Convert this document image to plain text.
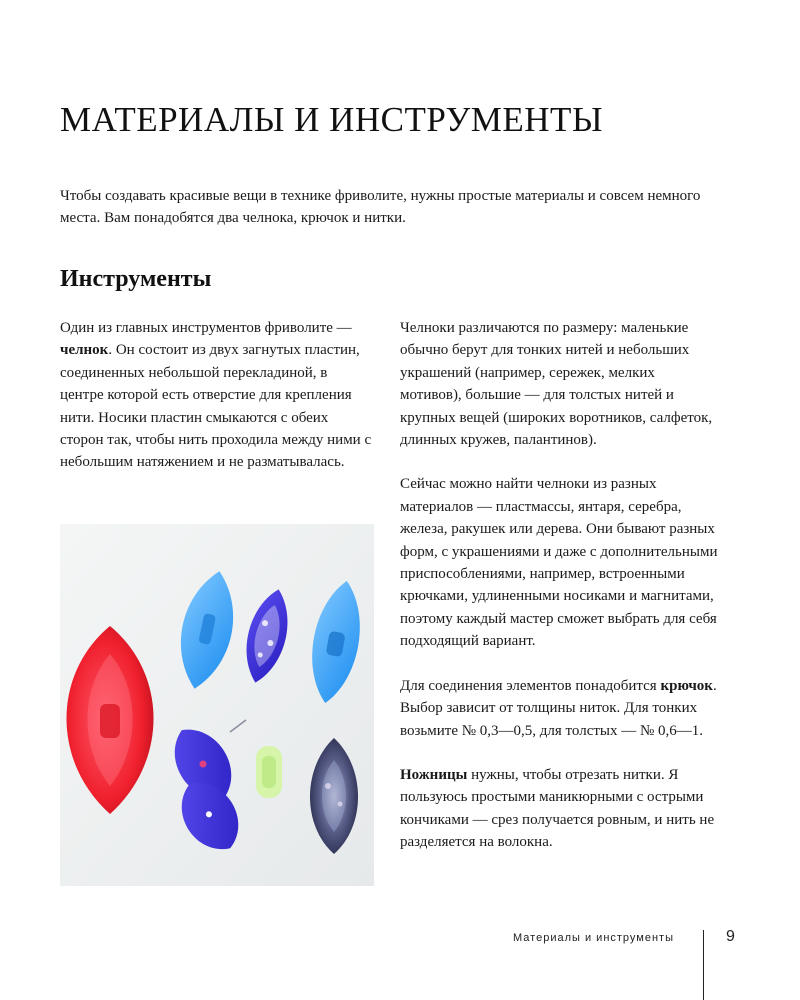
МАТЕРИАЛЫ И ИНСТРУМЕНТЫ

Чтобы создавать красивые вещи в технике фриволите, нужны простые материалы и совсем немного места. Вам понадобятся два челнока, крючок и нитки.

Инструменты

Один из главных инструментов фриволите — челнок. Он состоит из двух загнутых пластин, соединенных небольшой перекладиной, в центре которой есть отверстие для крепления нити. Носики пластин смыкаются с обеих сторон так, чтобы нить проходила между ними с небольшим натяжением и не разматывалась.

Челноки различаются по размеру: маленькие обычно берут для тонких нитей и небольших украшений (например, сережек, мелких мотивов), большие — для толстых нитей и крупных вещей (широких воротников, салфеток, длинных кружев, палантинов).

Сейчас можно найти челноки из разных материалов — пластмассы, янтаря, серебра, железа, ракушек или дерева. Они бывают разных форм, с украшениями и даже с дополнительными приспособлениями, например, встроенными крючками, удлиненными носиками и магнитами, поэтому каждый мастер сможет выбрать для себя подходящий вариант.

Для соединения элементов понадобится крючок. Выбор зависит от толщины ниток. Для тонких возьмите № 0,3—0,5, для толстых — № 0,6—1.

Ножницы нужны, чтобы отрезать нитки. Я пользуюсь простыми маникюрными с острыми кончиками — срез получается ровным, и нить не разделяется на волокна.

Материалы и инструменты	9
